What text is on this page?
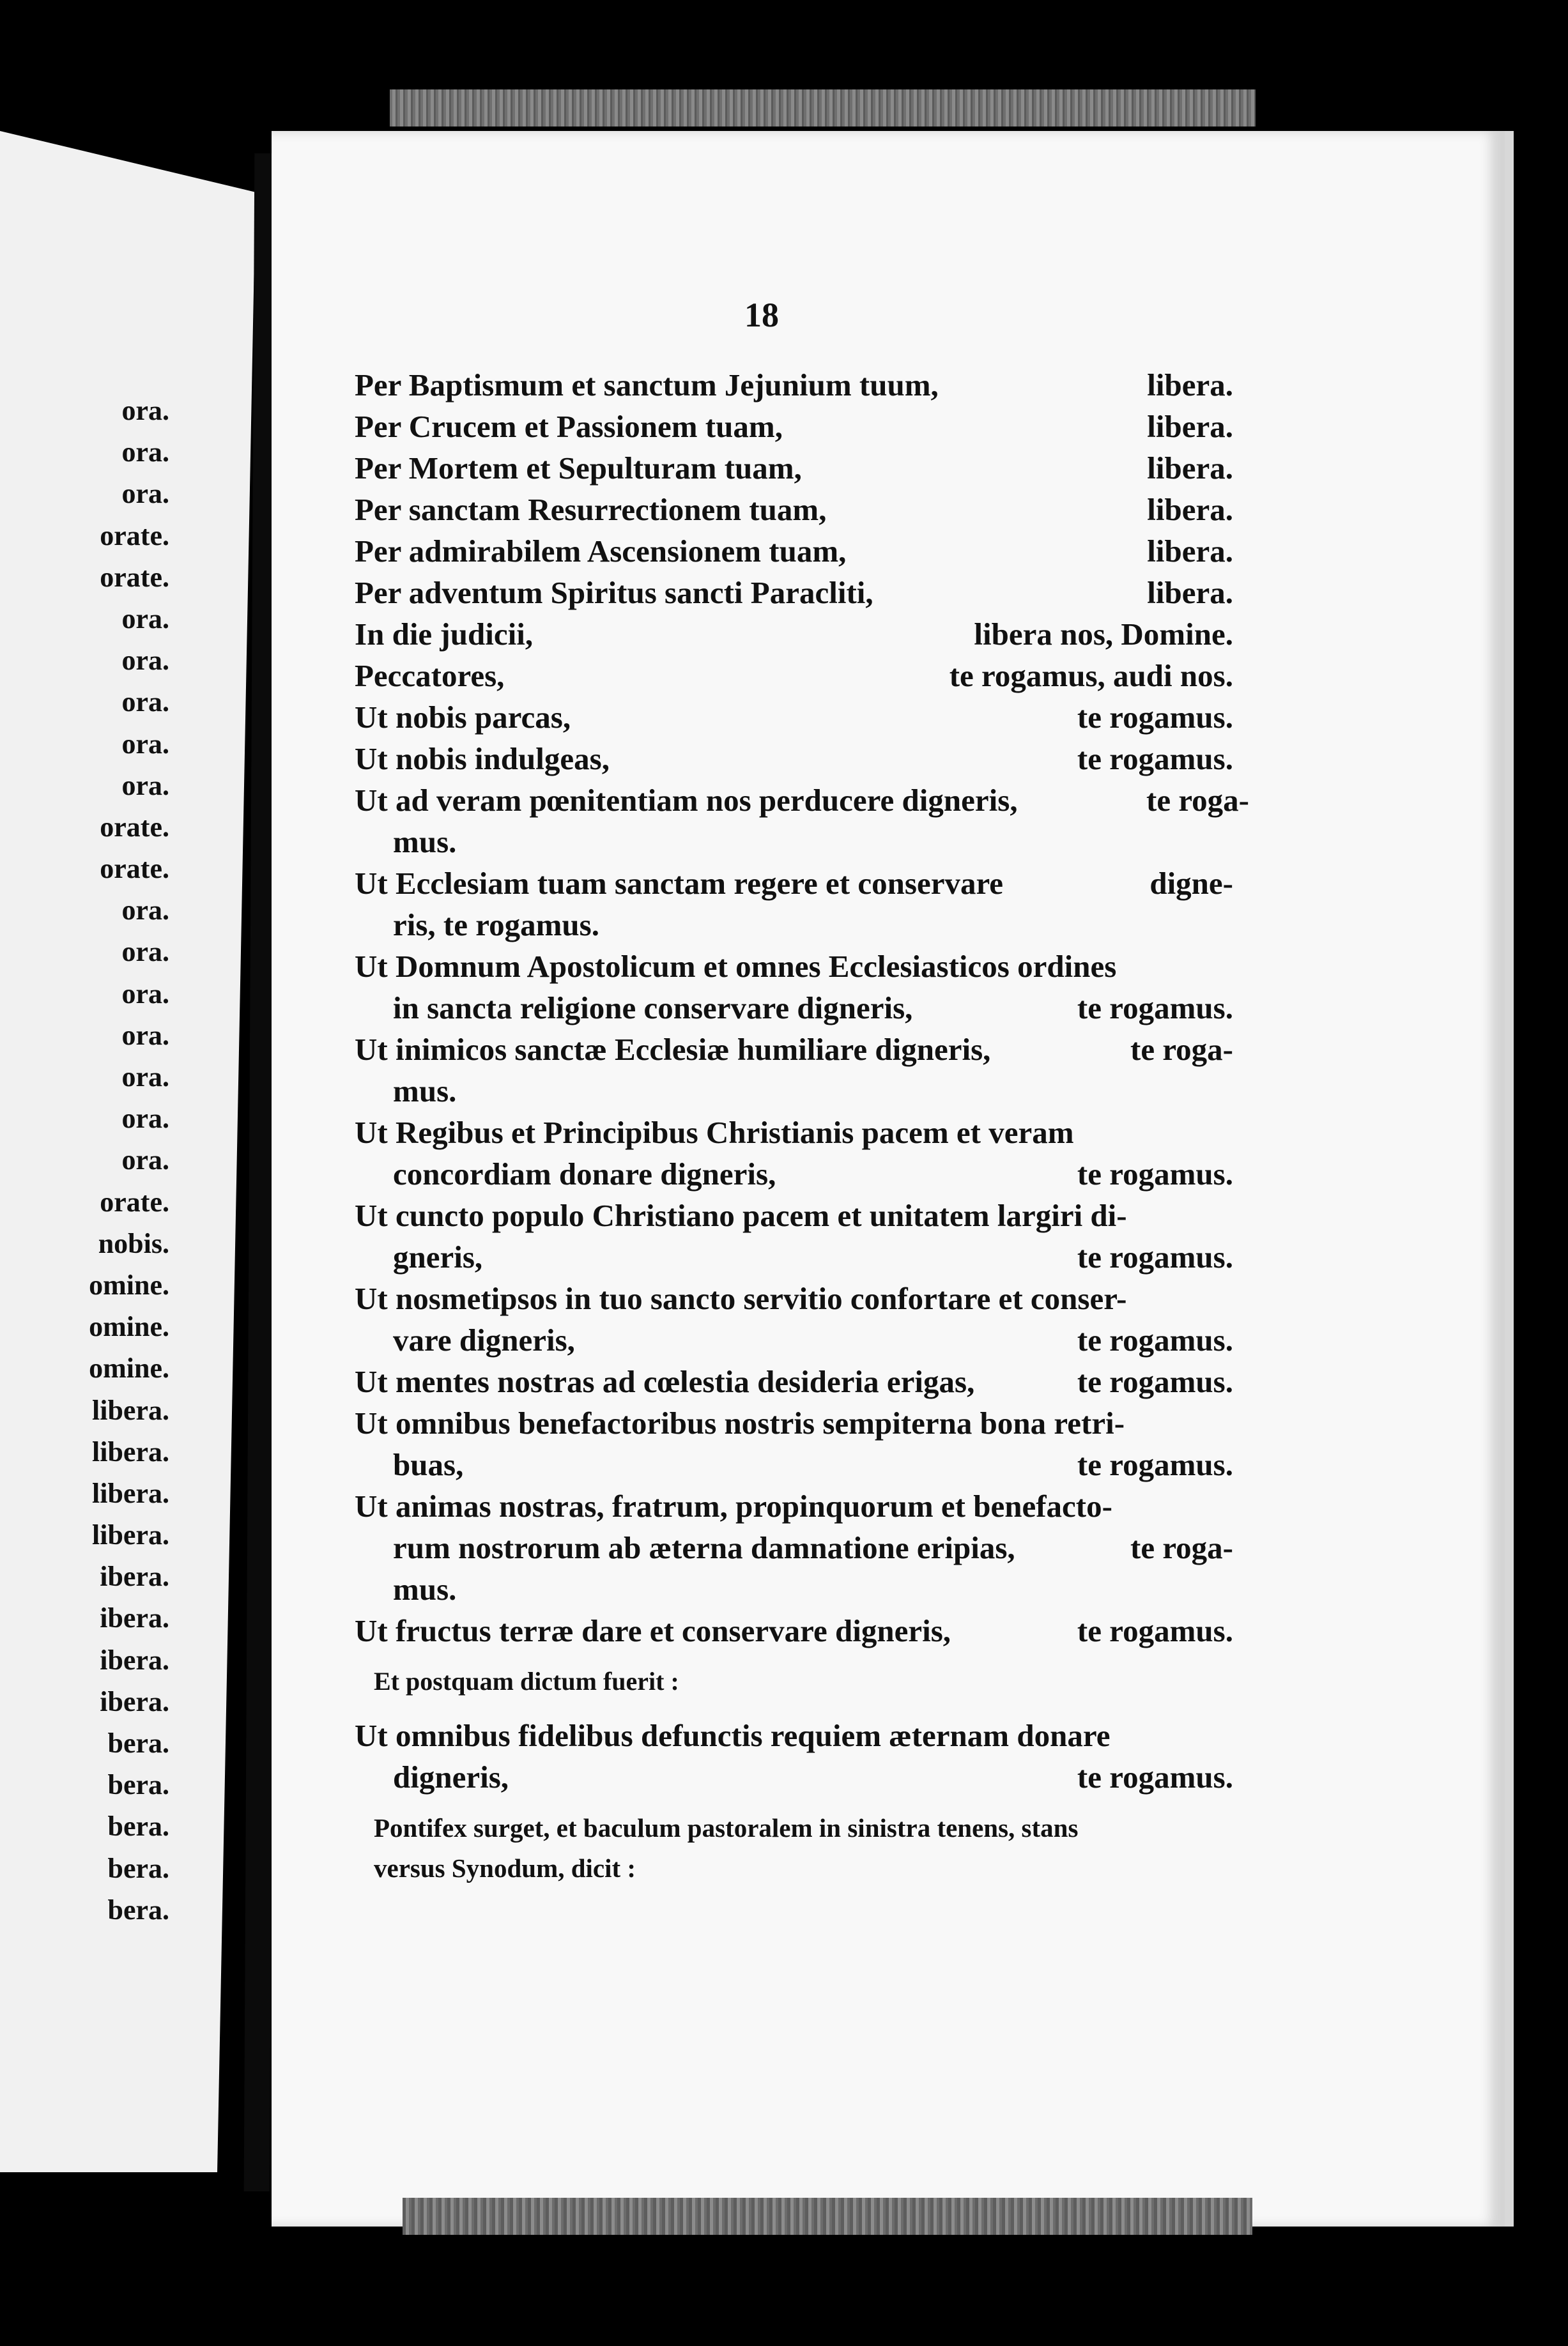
ora.
ora.
ora.
orate.
orate.
ora.
ora.
ora.
ora.
ora.
orate.
orate.
ora.
ora.
ora.
ora.
ora.
ora.
ora.
orate.
nobis.
omine.
omine.
omine.
libera.
libera.
libera.
libera.
ibera.
ibera.
ibera.
ibera.
bera.
bera.
bera.
bera.
bera.
18
Per Baptismum et sanctum Jejunium tuum,	libera.
Per Crucem et Passionem tuam,	libera.
Per Mortem et Sepulturam tuam,	libera.
Per sanctam Resurrectionem tuam,	libera.
Per admirabilem Ascensionem tuam,	libera.
Per adventum Spiritus sancti Paracliti,	libera.
In die judicii,	libera nos, Domine.
Peccatores,	te rogamus, audi nos.
Ut nobis parcas,	te rogamus.
Ut nobis indulgeas,	te rogamus.
Ut ad veram pœnitentiam nos perducere digneris,	te roga-
mus.
Ut Ecclesiam tuam sanctam regere et conservare	digne-
ris, te rogamus.
Ut Domnum Apostolicum et omnes Ecclesiasticos ordines
in sancta religione conservare digneris,	te rogamus.
Ut inimicos sanctæ Ecclesiæ humiliare digneris,	te roga-
mus.
Ut Regibus et Principibus Christianis pacem et veram
concordiam donare digneris,	te rogamus.
Ut cuncto populo Christiano pacem et unitatem largiri di-
gneris,	te rogamus.
Ut nosmetipsos in tuo sancto servitio confortare et conser-
vare digneris,	te rogamus.
Ut mentes nostras ad cœlestia desideria erigas,	te rogamus.
Ut omnibus benefactoribus nostris sempiterna bona retri-
buas,	te rogamus.
Ut animas nostras, fratrum, propinquorum et benefacto-
rum nostrorum ab æterna damnatione eripias,	te roga-
mus.
Ut fructus terræ dare et conservare digneris,	te rogamus.
Et postquam dictum fuerit :
Ut omnibus fidelibus defunctis requiem æternam donare
digneris,	te rogamus.
Pontifex surget, et baculum pastoralem in sinistra tenens, stans
versus Synodum, dicit :
